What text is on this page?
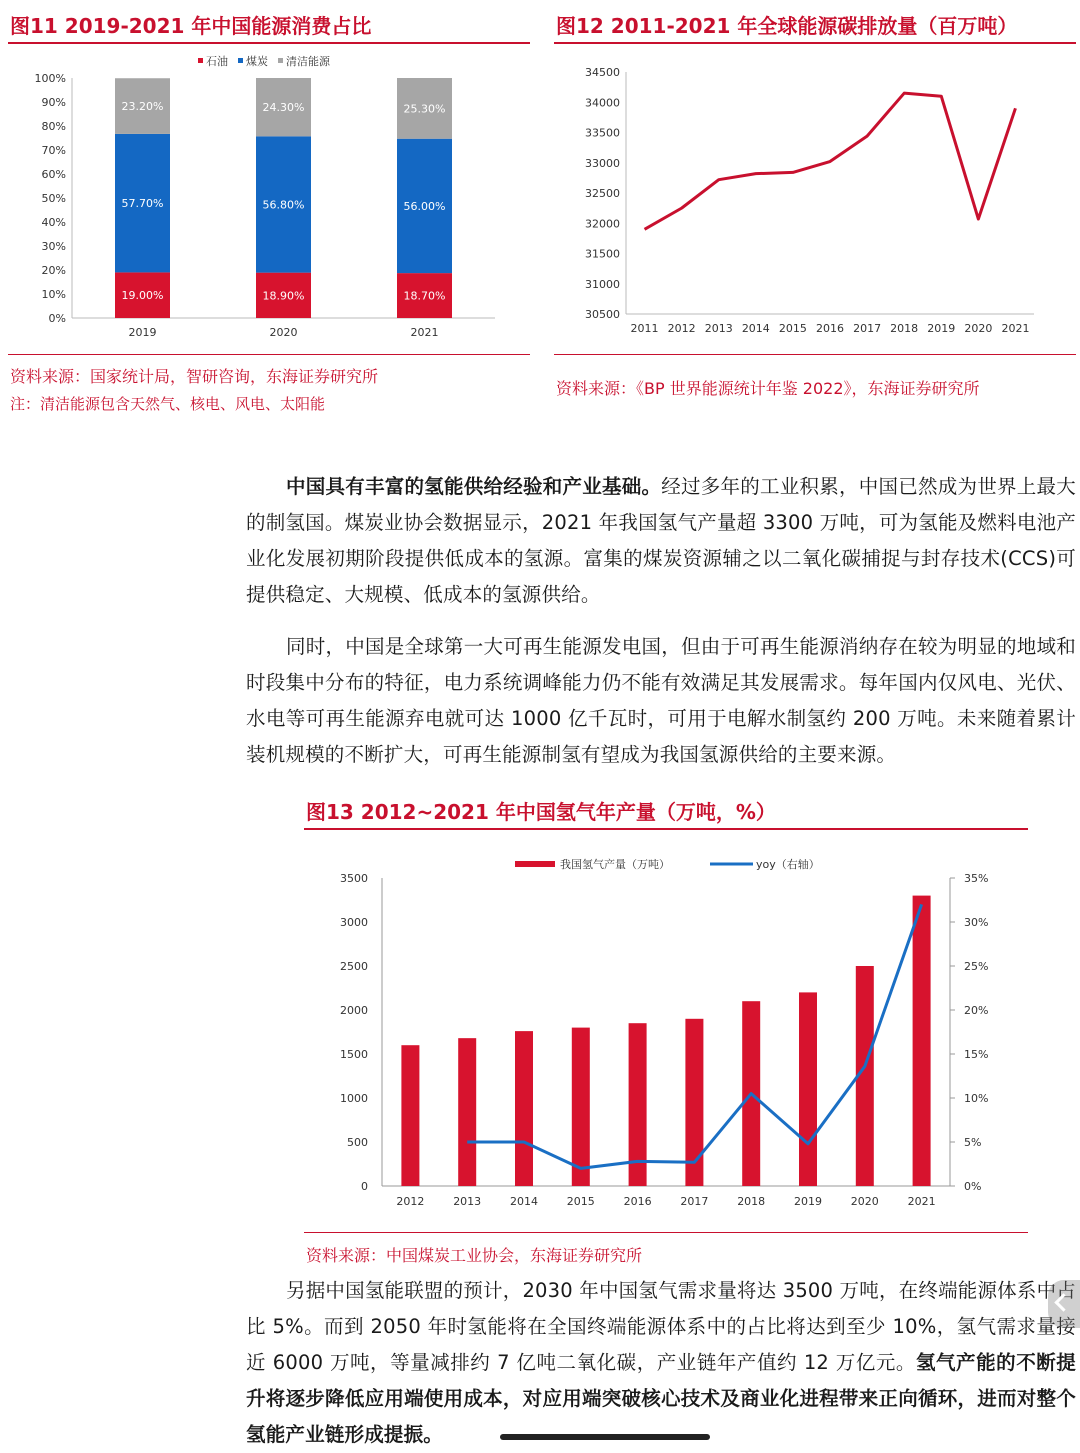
图11 2019-2021 年中国能源消费占比
石油 煤炭 清洁能源
0%
10%
20%
30%
40%
50%
60%
70%
80%
90%
100%
19.00%
57.70%
23.20%
2019
18.90%
56.80%
24.30%
2020
18.70%
56.00%
25.30%
2021
资料来源：国家统计局，智研咨询，东海证券研究所
注：清洁能源包含天然气、核电、风电、太阳能
图12 2011-2021 年全球能源碳排放量（百万吨）
30500
31000
31500
32000
32500
33000
33500
34000
34500
2011 2012 2013 2014 2015 2016 2017 2018 2019 2020 2021
资料来源：《BP 世界能源统计年鉴 2022》，东海证券研究所
中国具有丰富的氢能供给经验和产业基础。经过多年的工业积累，中国已然成为世界上最大的制氢国。煤炭业协会数据显示，2021 年我国氢气产量超 3300 万吨，可为氢能及燃料电池产业化发展初期阶段提供低成本的氢源。富集的煤炭资源辅之以二氧化碳捕捉与封存技术(CCS)可提供稳定、大规模、低成本的氢源供给。
同时，中国是全球第一大可再生能源发电国，但由于可再生能源消纳存在较为明显的地域和时段集中分布的特征，电力系统调峰能力仍不能有效满足其发展需求。每年国内仅风电、光伏、水电等可再生能源弃电就可达 1000 亿千瓦时，可用于电解水制氢约 200 万吨。未来随着累计装机规模的不断扩大，可再生能源制氢有望成为我国氢源供给的主要来源。
图13 2012~2021 年中国氢气年产量（万吨，%）
我国氢气产量（万吨）	yoy（右轴）
0
500
1000
1500
2000
2500
3000
3500
0%
5%
10%
15%
20%
25%
30%
35%
2012	2013	2014	2015	2016	2017	2018	2019	2020	2021
资料来源：中国煤炭工业协会，东海证券研究所
另据中国氢能联盟的预计，2030 年中国氢气需求量将达 3500 万吨，在终端能源体系中占比 5%。而到 2050 年时氢能将在全国终端能源体系中的占比将达到至少 10%，氢气需求量接近 6000 万吨，等量减排约 7 亿吨二氧化碳，产业链年产值约 12 万亿元。氢气产能的不断提升将逐步降低应用端使用成本，对应用端突破核心技术及商业化进程带来正向循环，进而对整个氢能产业链形成提振。
